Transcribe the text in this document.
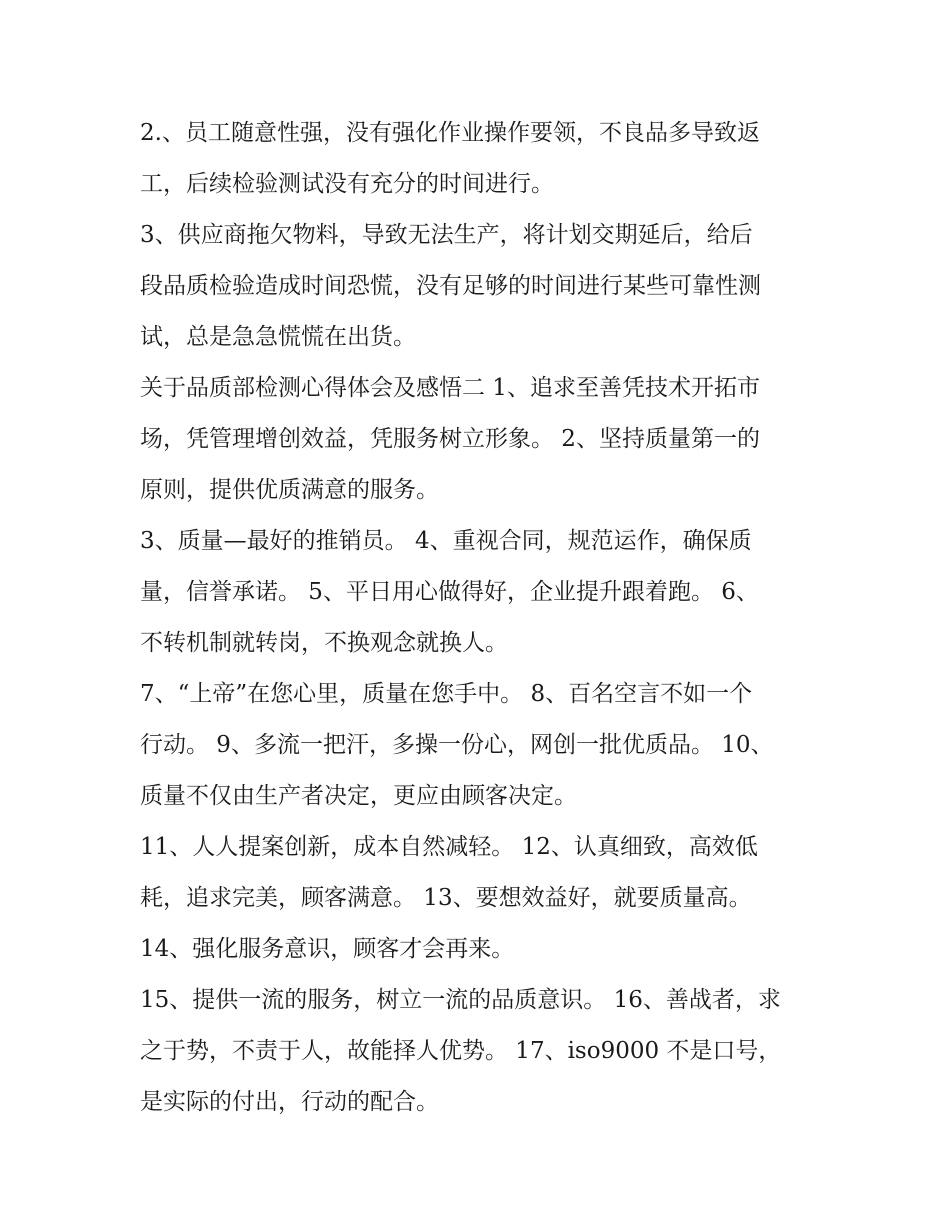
2.、员工随意性强，没有强化作业操作要领，不良品多导致返
工，后续检验测试没有充分的时间进行。
3、供应商拖欠物料，导致无法生产，将计划交期延后，给后
段品质检验造成时间恐慌，没有足够的时间进行某些可靠性测
试，总是急急慌慌在出货。
关于品质部检测心得体会及感悟二 1、追求至善凭技术开拓市
场，凭管理增创效益，凭服务树立形象。 2、坚持质量第一的
原则，提供优质满意的服务。
3、质量—最好的推销员。 4、重视合同，规范运作，确保质
量，信誉承诺。 5、平日用心做得好，企业提升跟着跑。 6、
不转机制就转岗，不换观念就换人。
7、“上帝”在您心里，质量在您手中。 8、百名空言不如一个
行动。 9、多流一把汗，多操一份心，网创一批优质品。 10、
质量不仅由生产者决定，更应由顾客决定。
11、人人提案创新，成本自然减轻。 12、认真细致，高效低
耗，追求完美，顾客满意。 13、要想效益好，就要质量高。
14、强化服务意识，顾客才会再来。
15、提供一流的服务，树立一流的品质意识。 16、善战者，求
之于势，不责于人，故能择人优势。 17、iso9000 不是口号，
是实际的付出，行动的配合。
